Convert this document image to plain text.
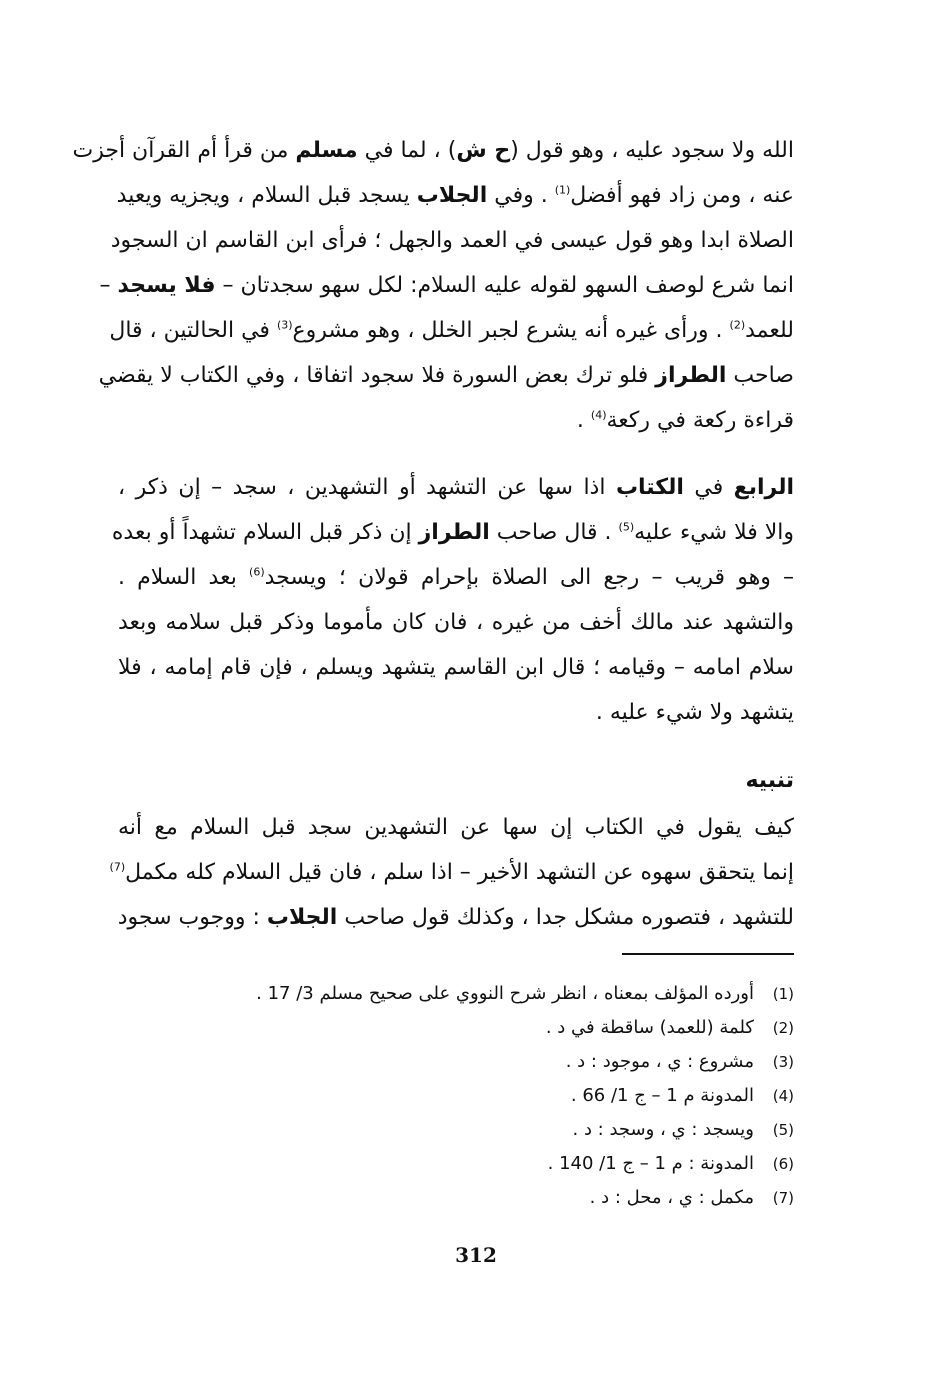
الله ولا سجود عليه ، وهو قول (ح ش) ، لما في مسلم من قرأ أم القرآن أجزت
عنه ، ومن زاد فهو أفضل$^{(1)}$ . وفي الجلاب يسجد قبل السلام ، ويجزيه ويعيد
الصلاة ابدا وهو قول عيسى في العمد والجهل ؛ فرأى ابن القاسم ان السجود
انما شرع لوصف السهو لقوله عليه السلام: لكل سهو سجدتان – فلا يسجد –
للعمد$^{(2)}$ . ورأى غيره أنه يشرع لجبر الخلل ، وهو مشروع$^{(3)}$ في الحالتين ، قال
صاحب الطراز فلو ترك بعض السورة فلا سجود اتفاقا ، وفي الكتاب لا يقضي
قراءة ركعة في ركعة$^{(4)}$ .
الرابع في الكتاب اذا سها عن التشهد أو التشهدين ، سجد – إن ذكر ،
والا فلا شيء عليه$^{(5)}$ . قال صاحب الطراز إن ذكر قبل السلام تشهداً أو بعده
– وهو قريب – رجع الى الصلاة بإحرام قولان ؛ ويسجد$^{(6)}$ بعد السلام .
والتشهد عند مالك أخف من غيره ، فان كان مأموما وذكر قبل سلامه وبعد
سلام امامه – وقيامه ؛ قال ابن القاسم يتشهد ويسلم ، فإن قام إمامه ، فلا
يتشهد ولا شيء عليه .
تنبيه
كيف يقول في الكتاب إن سها عن التشهدين سجد قبل السلام مع أنه
إنما يتحقق سهوه عن التشهد الأخير – اذا سلم ، فان قيل السلام كله مكمل$^{(7)}$
للتشهد ، فتصوره مشكل جدا ، وكذلك قول صاحب الجلاب : ووجوب سجود
(1)أورده المؤلف بمعناه ، انظر شرح النووي على صحيح مسلم 3/ 17 .
(2)كلمة (للعمد) ساقطة في د .
(3)مشروع : ي ، موجود : د .
(4)المدونة م 1 – ج 1/ 66 .
(5)ويسجد : ي ، وسجد : د .
(6)المدونة : م 1 – ج 1/ 140 .
(7)مكمل : ي ، محل : د .
312
